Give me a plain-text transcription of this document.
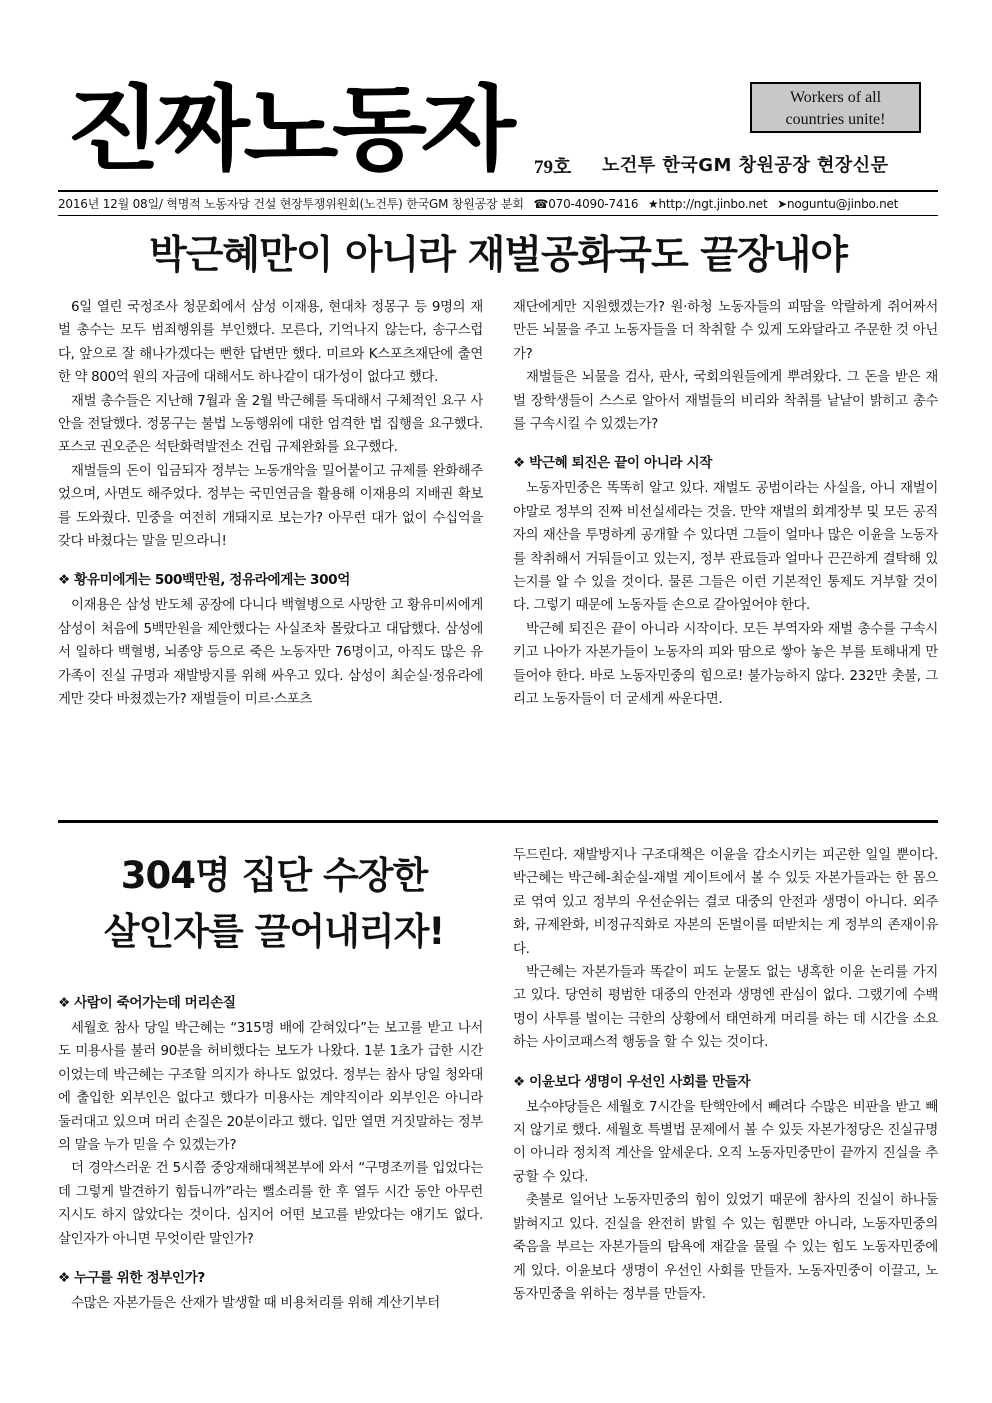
진짜노동자	Workers of all
countries unite!
79호 노건투 한국GM 창원공장 현장신문
2016년 12월 08일/ 혁명적 노동자당 건설 현장투쟁위원회(노건투) 한국GM 창원공장 분회 ☎070-4090-7416 ★http://ngt.jinbo.net ➤noguntu@jinbo.net
박근혜만이 아니라 재벌공화국도 끝장내야

6일 열린 국정조사 청문회에서 삼성 이재용, 현대차 정몽구 등 9명의 재벌 총수는 모두 범죄행위를 부인했다. 모른다, 기억나지 않는다, 송구스럽다, 앞으로 잘 해나가겠다는 뻔한 답변만 했다. 미르와 K스포츠재단에 출연한 약 800억 원의 자금에 대해서도 하나같이 대가성이 없다고 했다.

재벌 총수들은 지난해 7월과 올 2월 박근혜를 독대해서 구체적인 요구 사안을 전달했다. 정몽구는 불법 노동행위에 대한 엄격한 법 집행을 요구했다. 포스코 권오준은 석탄화력발전소 건립 규제완화를 요구했다.

재벌들의 돈이 입금되자 정부는 노동개악을 밀어붙이고 규제를 완화해주었으며, 사면도 해주었다. 정부는 국민연금을 활용해 이재용의 지배권 확보를 도와줬다. 민중을 여전히 개돼지로 보는가? 아무런 대가 없이 수십억을 갖다 바쳤다는 말을 믿으라니!

❖ 황유미에게는 500백만원, 정유라에게는 300억

이재용은 삼성 반도체 공장에 다니다 백혈병으로 사망한 고 황유미씨에게 삼성이 처음에 5백만원을 제안했다는 사실조차 몰랐다고 대답했다. 삼성에서 일하다 백혈병, 뇌종양 등으로 죽은 노동자만 76명이고, 아직도 많은 유가족이 진실 규명과 재발방지를 위해 싸우고 있다. 삼성이 최순실·정유라에게만 갖다 바쳤겠는가? 재벌들이 미르·스포츠

재단에게만 지원했겠는가? 원·하청 노동자들의 피땀을 악랄하게 쥐어짜서 만든 뇌물을 주고 노동자들을 더 착취할 수 있게 도와달라고 주문한 것 아닌가?

재벌들은 뇌물을 검사, 판사, 국회의원들에게 뿌려왔다. 그 돈을 받은 재벌 장학생들이 스스로 알아서 재벌들의 비리와 착취를 낱낱이 밝히고 총수를 구속시킬 수 있겠는가?

❖ 박근혜 퇴진은 끝이 아니라 시작

노동자민중은 똑똑히 알고 있다. 재벌도 공범이라는 사실을, 아니 재벌이야말로 정부의 진짜 비선실세라는 것을. 만약 재벌의 회계장부 및 모든 공직자의 재산을 투명하게 공개할 수 있다면 그들이 얼마나 많은 이윤을 노동자를 착취해서 거둬들이고 있는지, 정부 관료들과 얼마나 끈끈하게 결탁해 있는지를 알 수 있을 것이다. 물론 그들은 이런 기본적인 통제도 거부할 것이다. 그렇기 때문에 노동자들 손으로 갈아엎어야 한다.

박근혜 퇴진은 끝이 아니라 시작이다. 모든 부역자와 재벌 총수를 구속시키고 나아가 자본가들이 노동자의 피와 땀으로 쌓아 놓은 부를 토해내게 만들어야 한다. 바로 노동자민중의 힘으로! 불가능하지 않다. 232만 촛불, 그리고 노동자들이 더 굳세게 싸운다면.

304명 집단 수장한
살인자를 끌어내리자!
❖ 사람이 죽어가는데 머리손질

세월호 참사 당일 박근혜는 “315명 배에 갇혀있다”는 보고를 받고 나서도 미용사를 불러 90분을 허비했다는 보도가 나왔다. 1분 1초가 급한 시간이었는데 박근혜는 구조할 의지가 하나도 없었다. 정부는 참사 당일 청와대에 출입한 외부인은 없다고 했다가 미용사는 계약직이라 외부인은 아니라 둘러대고 있으며 머리 손질은 20분이라고 했다. 입만 열면 거짓말하는 정부의 말을 누가 믿을 수 있겠는가?

더 경악스러운 건 5시쯤 중앙재해대책본부에 와서 “구명조끼를 입었다는데 그렇게 발견하기 힘듭니까”라는 뻘소리를 한 후 열두 시간 동안 아무런 지시도 하지 않았다는 것이다. 심지어 어떤 보고를 받았다는 얘기도 없다. 살인자가 아니면 무엇이란 말인가?

❖ 누구를 위한 정부인가?

수많은 자본가들은 산재가 발생할 때 비용처리를 위해 계산기부터

두드린다. 재발방지나 구조대책은 이윤을 감소시키는 피곤한 일일 뿐이다. 박근혜는 박근혜-최순실-재벌 게이트에서 볼 수 있듯 자본가들과는 한 몸으로 엮여 있고 정부의 우선순위는 결코 대중의 안전과 생명이 아니다. 외주화, 규제완화, 비정규직화로 자본의 돈벌이를 떠받치는 게 정부의 존재이유다.

박근혜는 자본가들과 똑같이 피도 눈물도 없는 냉혹한 이윤 논리를 가지고 있다. 당연히 평범한 대중의 안전과 생명엔 관심이 없다. 그랬기에 수백 명이 사투를 벌이는 극한의 상황에서 태연하게 머리를 하는 데 시간을 소요하는 사이코패스적 행동을 할 수 있는 것이다.

❖ 이윤보다 생명이 우선인 사회를 만들자

보수야당들은 세월호 7시간을 탄핵안에서 빼려다 수많은 비판을 받고 빼지 않기로 했다. 세월호 특별법 문제에서 볼 수 있듯 자본가정당은 진실규명이 아니라 정치적 계산을 앞세운다. 오직 노동자민중만이 끝까지 진실을 추궁할 수 있다.

촛불로 일어난 노동자민중의 힘이 있었기 때문에 참사의 진실이 하나둘 밝혀지고 있다. 진실을 완전히 밝힐 수 있는 힘뿐만 아니라, 노동자민중의 죽음을 부르는 자본가들의 탐욕에 재갈을 물릴 수 있는 힘도 노동자민중에게 있다. 이윤보다 생명이 우선인 사회를 만들자. 노동자민중이 이끌고, 노동자민중을 위하는 정부를 만들자.
